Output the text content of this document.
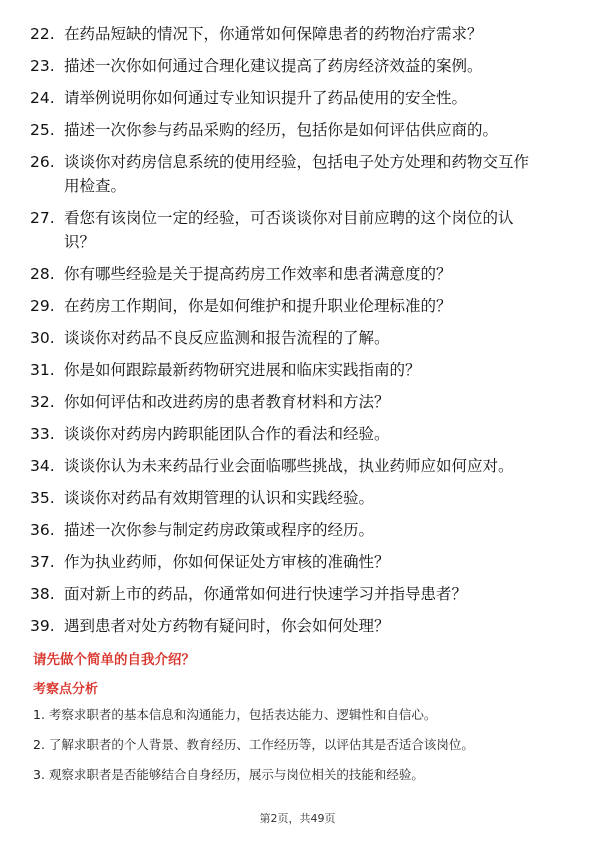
22. 在药品短缺的情况下，你通常如何保障患者的药物治疗需求？
23. 描述一次你如何通过合理化建议提高了药房经济效益的案例。
24. 请举例说明你如何通过专业知识提升了药品使用的安全性。
25. 描述一次你参与药品采购的经历，包括你是如何评估供应商的。
26. 谈谈你对药房信息系统的使用经验，包括电子处方处理和药物交互作用检查。
27. 看您有该岗位一定的经验，可否谈谈你对目前应聘的这个岗位的认识？
28. 你有哪些经验是关于提高药房工作效率和患者满意度的？
29. 在药房工作期间，你是如何维护和提升职业伦理标准的？
30. 谈谈你对药品不良反应监测和报告流程的了解。
31. 你是如何跟踪最新药物研究进展和临床实践指南的？
32. 你如何评估和改进药房的患者教育材料和方法？
33. 谈谈你对药房内跨职能团队合作的看法和经验。
34. 谈谈你认为未来药品行业会面临哪些挑战，执业药师应如何应对。
35. 谈谈你对药品有效期管理的认识和实践经验。
36. 描述一次你参与制定药房政策或程序的经历。
37. 作为执业药师，你如何保证处方审核的准确性？
38. 面对新上市的药品，你通常如何进行快速学习并指导患者？
39. 遇到患者对处方药物有疑问时，你会如何处理？
请先做个简单的自我介绍？
考察点分析
1. 考察求职者的基本信息和沟通能力，包括表达能力、逻辑性和自信心。
2. 了解求职者的个人背景、教育经历、工作经历等，以评估其是否适合该岗位。
3. 观察求职者是否能够结合自身经历，展示与岗位相关的技能和经验。
第2页，共49页
